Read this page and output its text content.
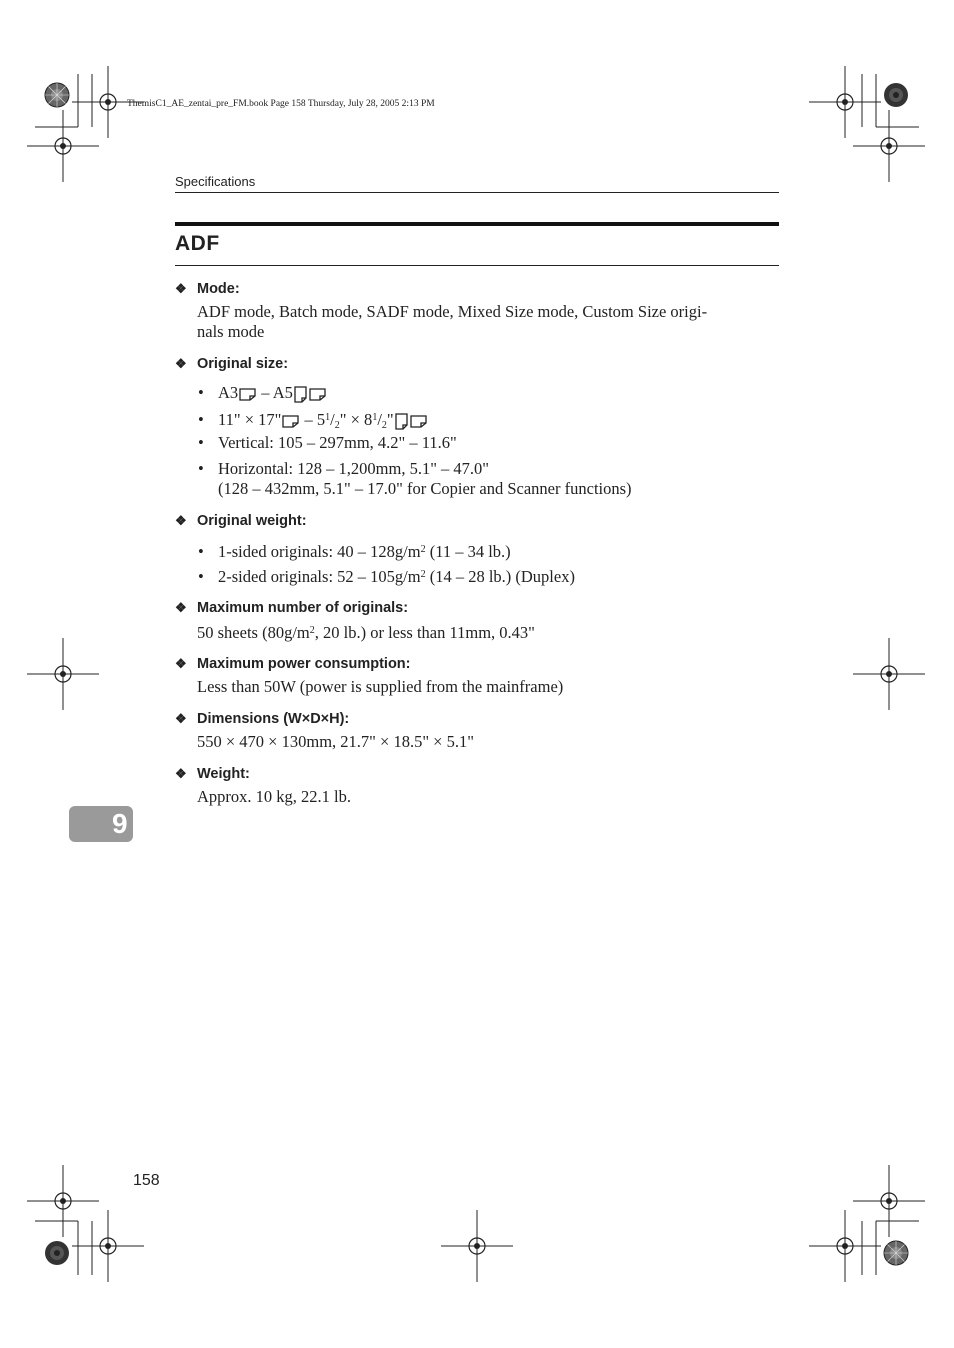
ThemisC1_AE_zentai_pre_FM.book Page 158 Thursday, July 28, 2005 2:13 PM
Specifications
ADF
❖ Mode:
ADF mode, Batch mode, SADF mode, Mixed Size mode, Custom Size origi-
nals mode
❖ Original size:
• A3 – A5
• 11" × 17" – $5^1/_2$" × $8^1/_2$"
• Vertical: 105 – 297mm, 4.2" – 11.6"
• Horizontal: 128 – 1,200mm, 5.1" – 47.0"
(128 – 432mm, 5.1" – 17.0" for Copier and Scanner functions)
❖ Original weight:
• 1-sided originals: $40 - 128g/m^2$ (11 – 34 lb.)
• 2-sided originals: $52 - 105g/m^2$ (14 – 28 lb.) (Duplex)
❖ Maximum number of originals:
50 sheets ($80g/m^2$, 20 lb.) or less than 11mm, 0.43"
❖ Maximum power consumption:
Less than 50W (power is supplied from the mainframe)
❖ Dimensions (W×D×H):
550 × 470 × 130mm, 21.7" × 18.5" × 5.1"
❖ Weight:
Approx. 10 kg, 22.1 lb.
9
158
